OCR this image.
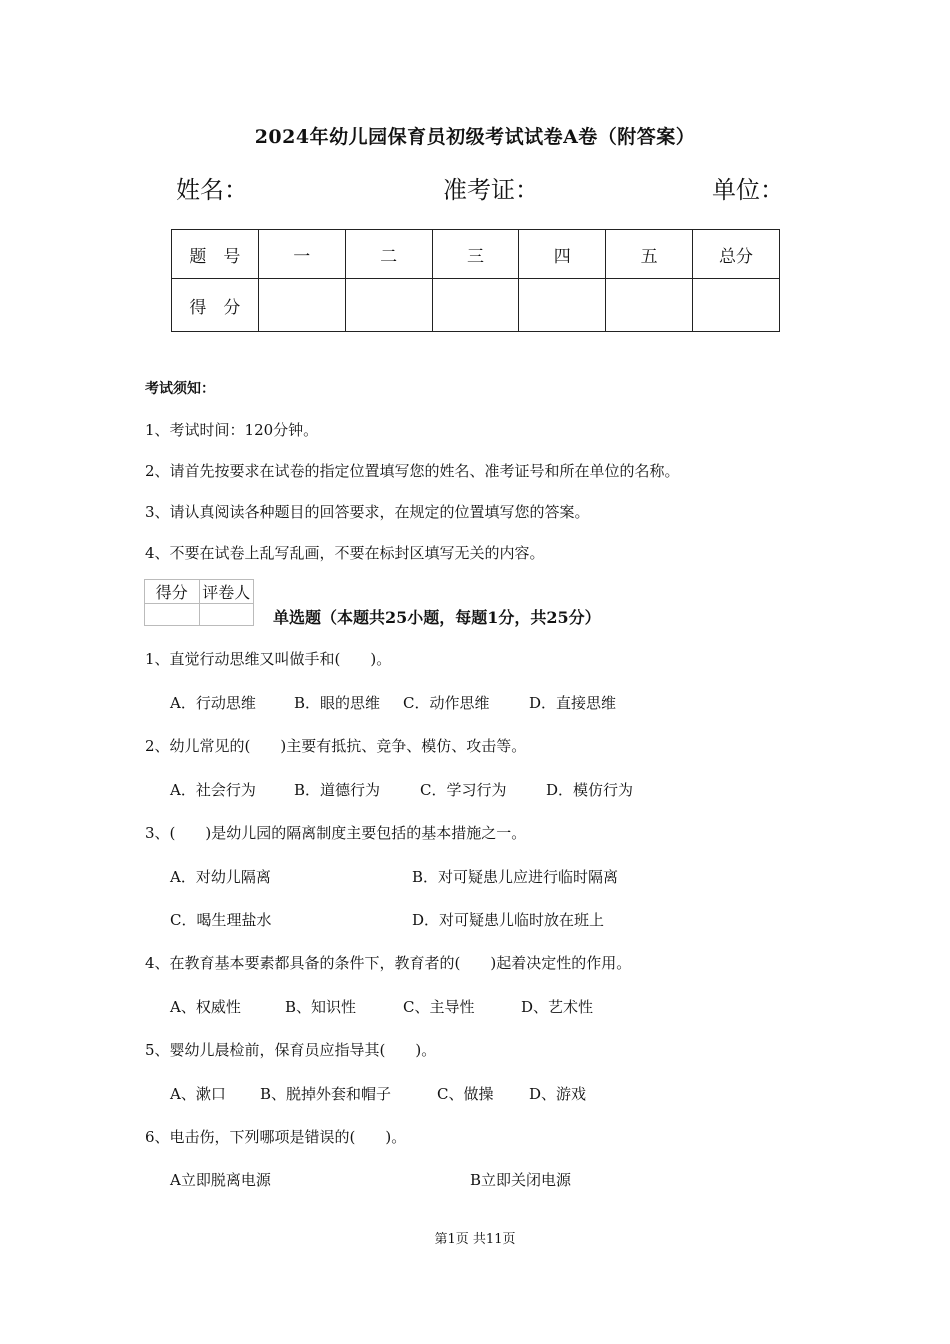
2024年幼儿园保育员初级考试试卷A卷（附答案）
姓名：	准考证：	单位：
题　号	一	二	三	四	五	总分
得　分						
考试须知：
1、考试时间：120分钟。
2、请首先按要求在试卷的指定位置填写您的姓名、准考证号和所在单位的名称。
3、请认真阅读各种题目的回答要求，在规定的位置填写您的答案。
4、不要在试卷上乱写乱画，不要在标封区填写无关的内容。
得分	评卷人

单选题（本题共25小题，每题1分，共25分）
1、直觉行动思维又叫做手和(　　)。
A．行动思维	B．眼的思维 C．动作思维	D．直接思维
2、幼儿常见的(　　)主要有抵抗、竞争、模仿、攻击等。
A．社会行为	B．道德行为	C．学习行为	D．模仿行为
3、(　　)是幼儿园的隔离制度主要包括的基本措施之一。
A．对幼儿隔离	B．对可疑患儿应进行临时隔离
C．喝生理盐水	D．对可疑患儿临时放在班上
4、在教育基本要素都具备的条件下，教育者的(　　)起着决定性的作用。
A、权威性	B、知识性	C、主导性	D、艺术性
5、婴幼儿晨检前，保育员应指导其(　　)。
A、漱口 B、脱掉外套和帽子	C、做操 D、游戏
6、电击伤，下列哪项是错误的(　　)。
A立即脱离电源	B立即关闭电源
第1页 共11页
